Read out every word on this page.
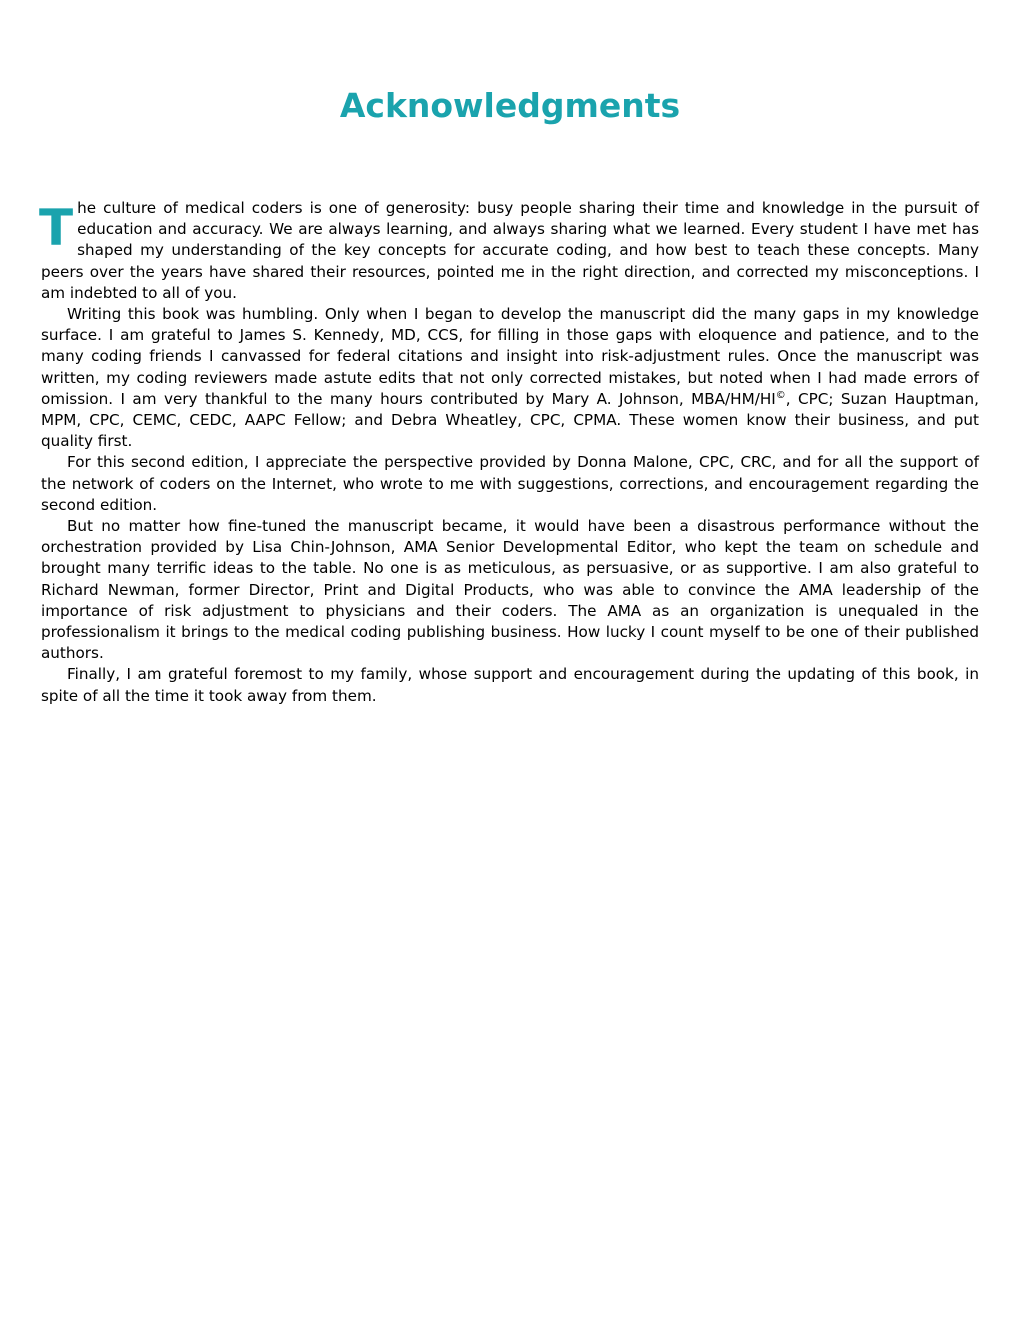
Acknowledgments

The culture of medical coders is one of generosity: busy people sharing their time and knowledge in the pursuit of education and accuracy. We are always learning, and always sharing what we learned. Every student I have met has shaped my understanding of the key concepts for accurate coding, and how best to teach these concepts. Many peers over the years have shared their resources, pointed me in the right direction, and corrected my misconceptions. I am indebted to all of you.

Writing this book was humbling. Only when I began to develop the manuscript did the many gaps in my knowledge surface. I am grateful to James S. Kennedy, MD, CCS, for filling in those gaps with eloquence and patience, and to the many coding friends I canvassed for federal citations and insight into risk-adjustment rules. Once the manuscript was written, my coding reviewers made astute edits that not only corrected mistakes, but noted when I had made errors of omission. I am very thankful to the many hours contributed by Mary A. Johnson, MBA/HM/HI©, CPC; Suzan Hauptman, MPM, CPC, CEMC, CEDC, AAPC Fellow; and Debra Wheatley, CPC, CPMA. These women know their business, and put quality first.

For this second edition, I appreciate the perspective provided by Donna Malone, CPC, CRC, and for all the support of the network of coders on the Internet, who wrote to me with suggestions, corrections, and encouragement regarding the second edition.

But no matter how fine-tuned the manuscript became, it would have been a disastrous performance without the orchestration provided by Lisa Chin-Johnson, AMA Senior Developmental Editor, who kept the team on schedule and brought many terrific ideas to the table. No one is as meticulous, as persuasive, or as supportive. I am also grateful to Richard Newman, former Director, Print and Digital Products, who was able to convince the AMA leadership of the importance of risk adjustment to physicians and their coders. The AMA as an organization is unequaled in the professionalism it brings to the medical coding publishing business. How lucky I count myself to be one of their published authors.

Finally, I am grateful foremost to my family, whose support and encouragement during the updating of this book, in spite of all the time it took away from them.
